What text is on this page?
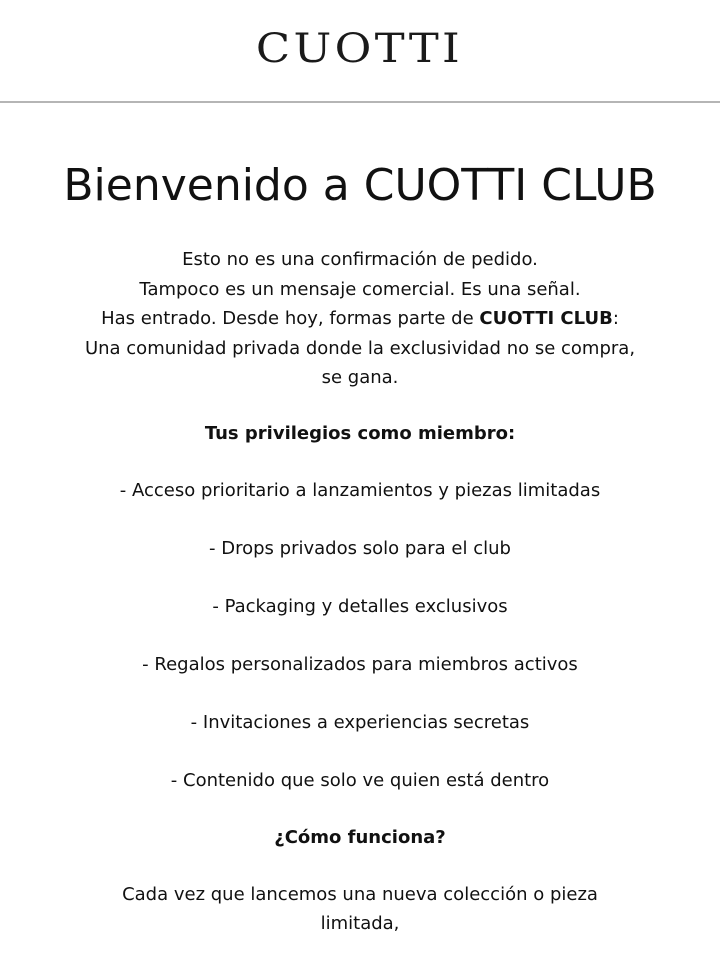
CUOTTI
Bienvenido a CUOTTI CLUB

Esto no es una confirmación de pedido.
Tampoco es un mensaje comercial. Es una señal.
Has entrado. Desde hoy, formas parte de CUOTTI CLUB:
Una comunidad privada donde la exclusividad no se compra, se gana.

Tus privilegios como miembro:

- Acceso prioritario a lanzamientos y piezas limitadas
- Drops privados solo para el club
- Packaging y detalles exclusivos
- Regalos personalizados para miembros activos
- Invitaciones a experiencias secretas
- Contenido que solo ve quien está dentro

¿Cómo funciona?

Cada vez que lancemos una nueva colección o pieza limitada,
